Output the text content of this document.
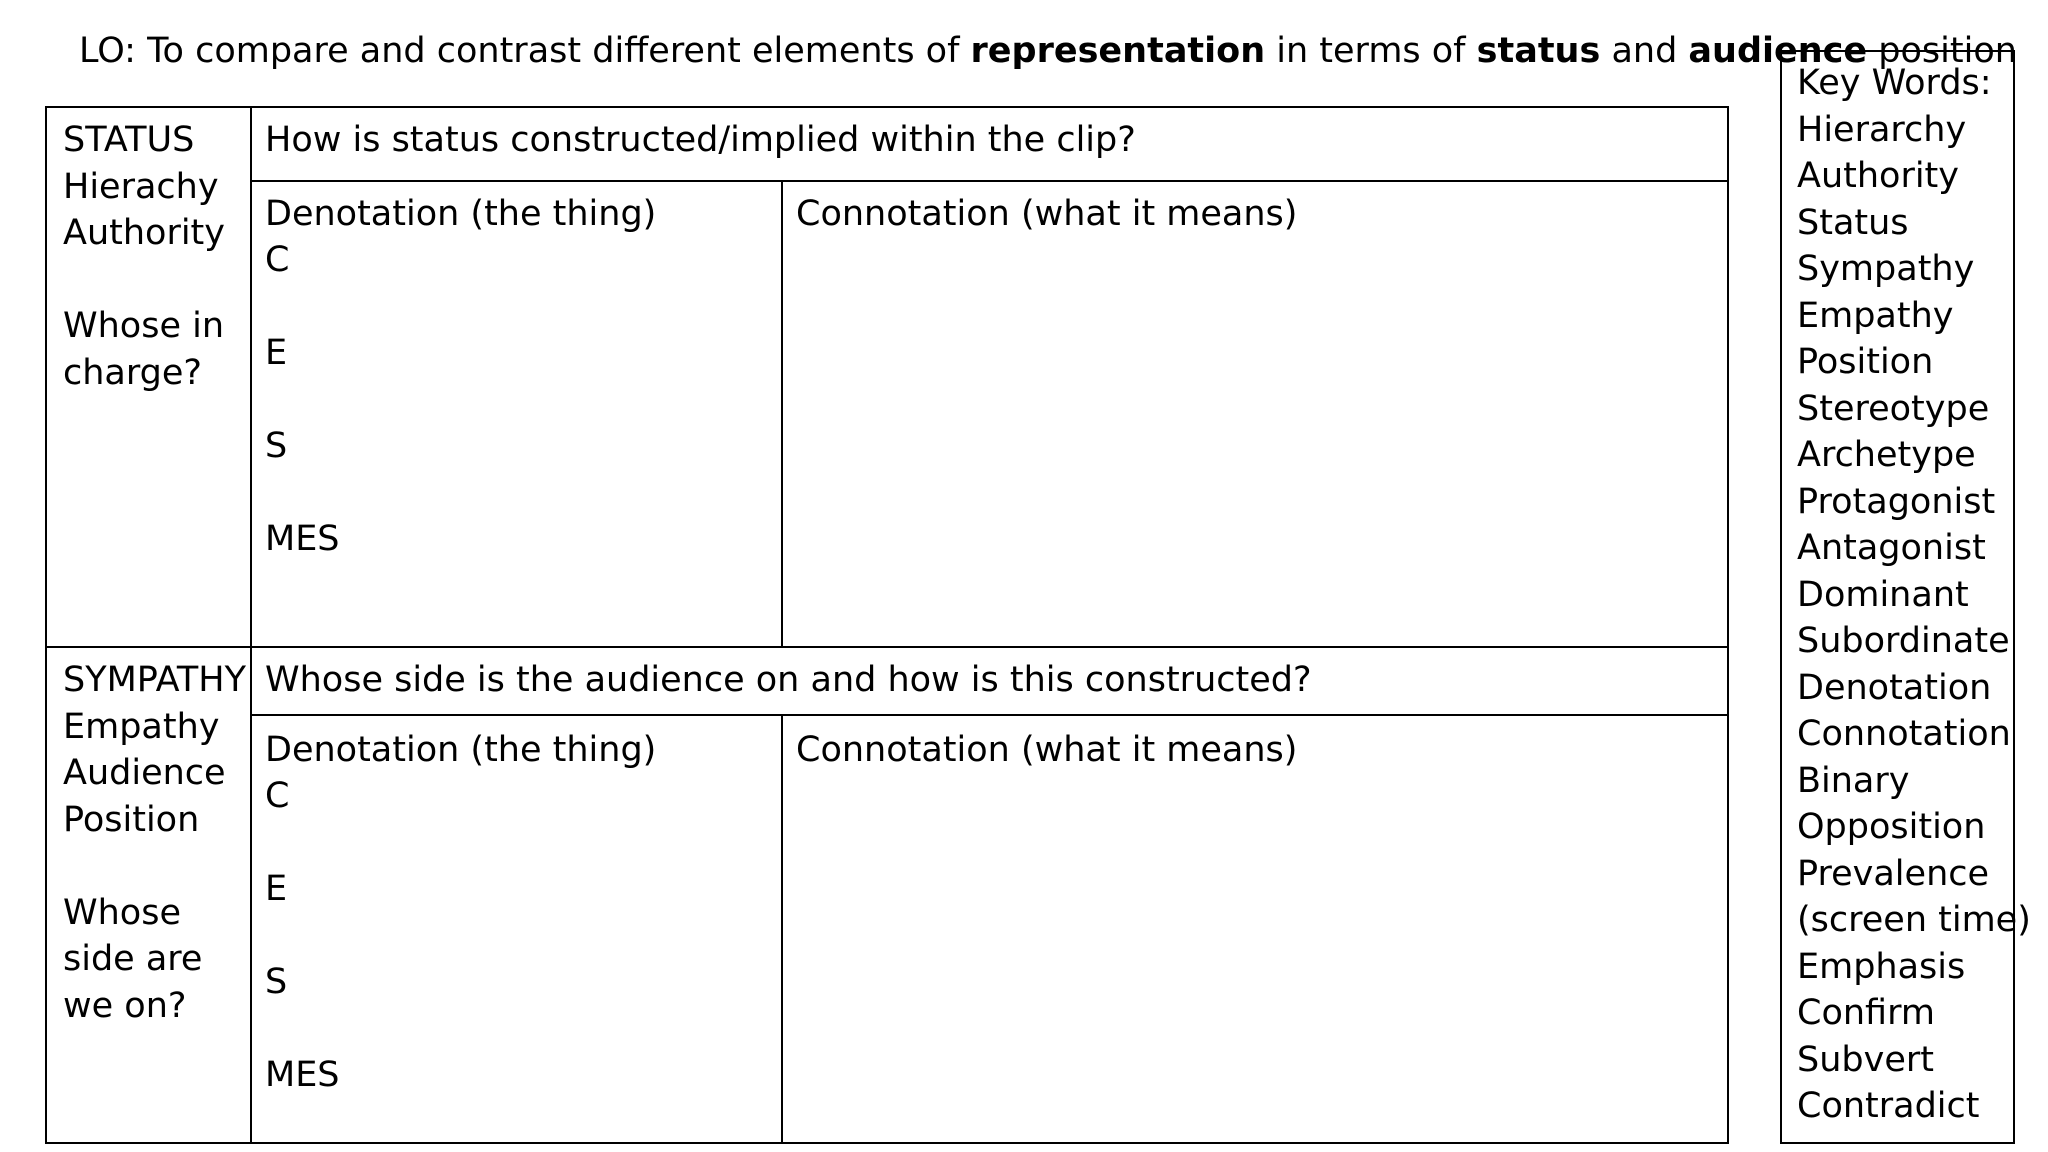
LO: To compare and contrast different elements of representation in terms of status and audience position
STATUS
Hierachy
Authority
Whose in
charge?
How is status constructed/implied within the clip?
Denotation (the thing)	Connotation (what it means)
C
E
S
MES
SYMPATHY
Empathy
Audience
Position
Whose
side are
we on?
Whose side is the audience on and how is this constructed?
Denotation (the thing)	Connotation (what it means)
C
E
S
MES
Key Words:
Hierarchy
Authority
Status
Sympathy
Empathy
Position
Stereotype
Archetype
Protagonist
Antagonist
Dominant
Subordinate
Denotation
Connotation
Binary
Opposition
Prevalence
(screen time)
Emphasis
Confirm
Subvert
Contradict
